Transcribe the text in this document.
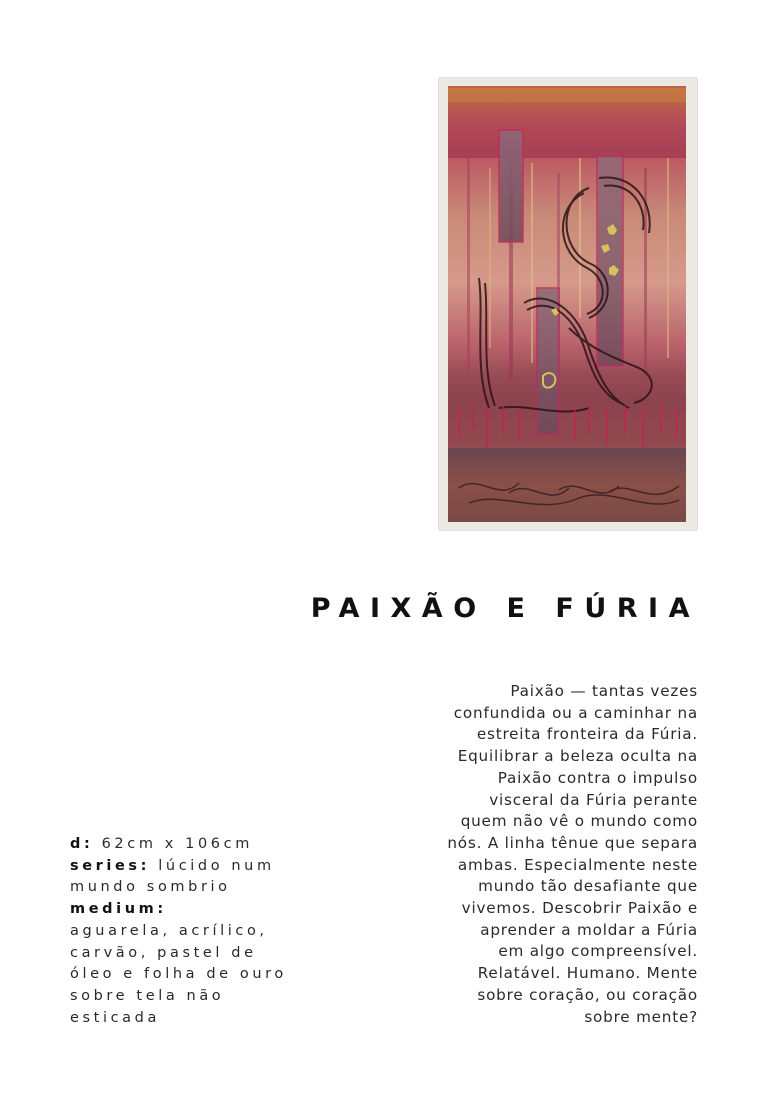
PAIXÃO E FÚRIA
d: 62cm x 106cm
series: lúcido num
mundo sombrio
medium:
aguarela, acrílico,
carvão, pastel de
óleo e folha de ouro
sobre tela não
esticada

Paixão — tantas vezes
confundida ou a caminhar na
estreita fronteira da Fúria.
Equilibrar a beleza oculta na
Paixão contra o impulso
visceral da Fúria perante
quem não vê o mundo como
nós. A linha tênue que separa
ambas. Especialmente neste
mundo tão desafiante que
vivemos. Descobrir Paixão e
aprender a moldar a Fúria
em algo compreensível.
Relatável. Humano. Mente
sobre coração, ou coração
sobre mente?
